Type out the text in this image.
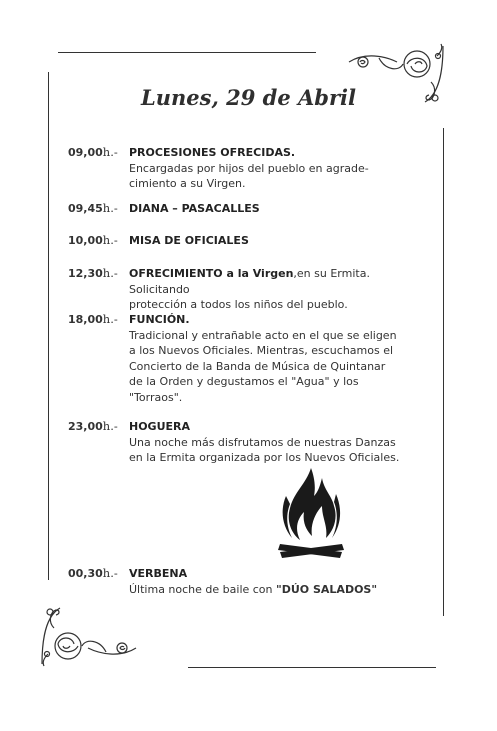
Lunes, 29 de Abril
09,00h.- PROCESIONES OFRECIDAS.
Encargadas por hijos del pueblo en agrade-
cimiento a su Virgen.
09,45h.- DIANA – PASACALLES
10,00h.- MISA DE OFICIALES
12,30h.- OFRECIMIENTO a la Virgen,en su Ermita. Solicitando
protección a todos los niños del pueblo.
18,00h.- FUNCIÓN.
Tradicional y entrañable acto en el que se eligen
a los Nuevos Oficiales. Mientras, escuchamos el
Concierto de la Banda de Música de Quintanar
de la Orden y degustamos el "Agua" y los
"Torraos".
23,00h.- HOGUERA
Una noche más disfrutamos de nuestras Danzas
en la Ermita organizada por los Nuevos Oficiales.
00,30h.- VERBENA
Última noche de baile con "DÚO SALADOS"
